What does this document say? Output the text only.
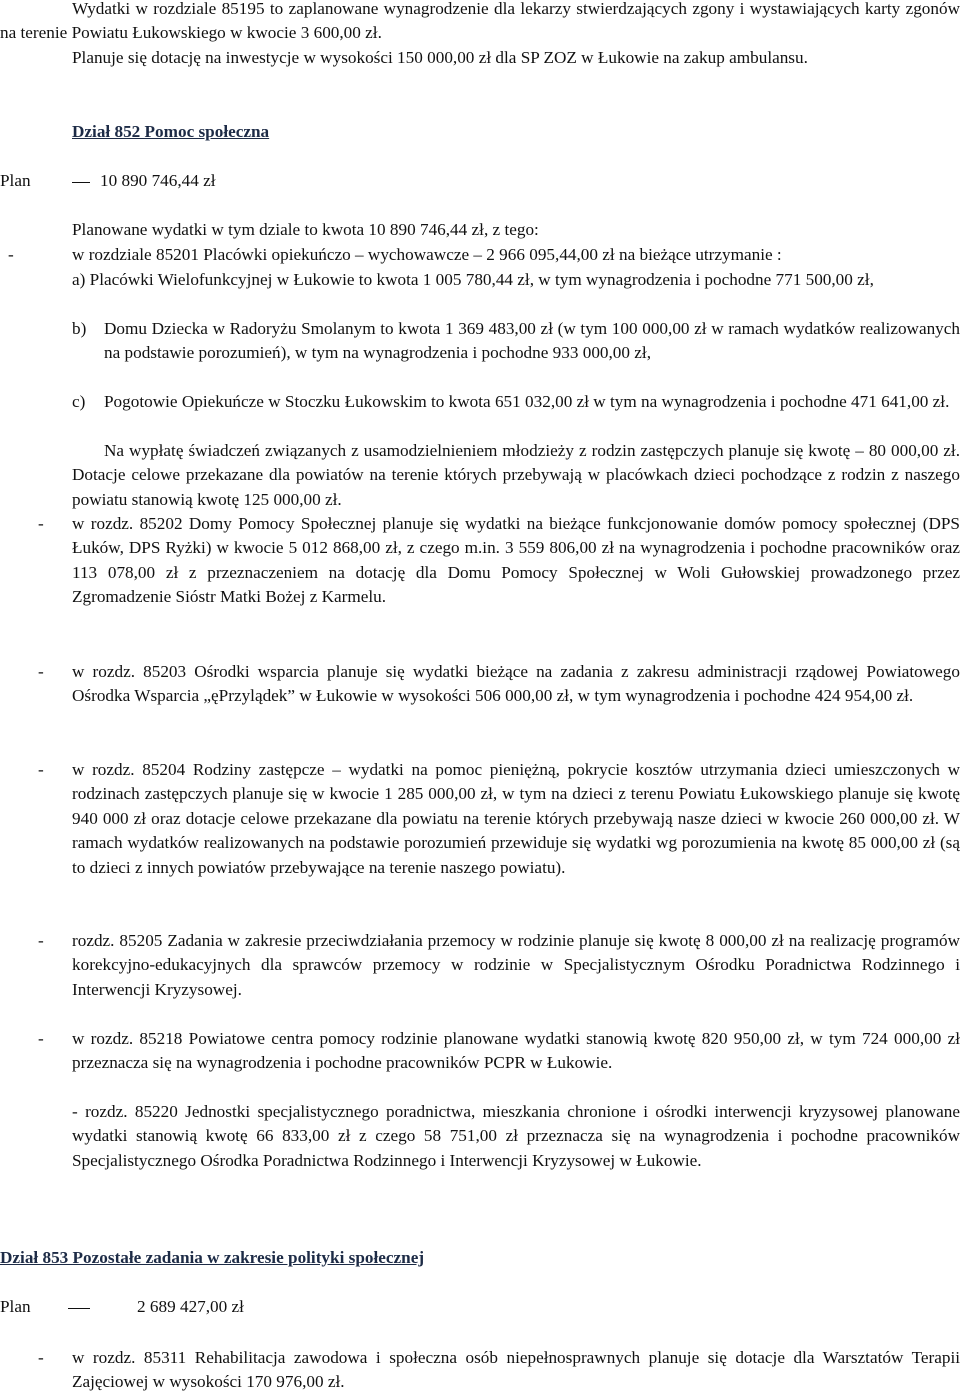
Wydatki w rozdziale 85195 to zaplanowane wynagrodzenie dla lekarzy stwierdzających zgony i wystawiających karty zgonów na terenie Powiatu Łukowskiego w kwocie 3 600,00 zł.
Planuje się dotację na inwestycje w wysokości 150 000,00 zł dla SP ZOZ w Łukowie na zakup ambulansu.
Dział 852 Pomoc społeczna
Plan	10 890 746,44 zł
Planowane wydatki w tym dziale to kwota 10 890 746,44 zł, z tego:
-	w rozdziale 85201 Placówki opiekuńczo – wychowawcze – 2 966 095,44,00 zł na bieżące utrzymanie :
a) Placówki Wielofunkcyjnej w Łukowie to kwota 1 005 780,44 zł, w tym wynagrodzenia i pochodne 771 500,00 zł,
b) Domu Dziecka w Radoryżu Smolanym to kwota 1 369 483,00 zł (w tym 100 000,00 zł w ramach wydatków realizowanych na podstawie porozumień), w tym na wynagrodzenia i pochodne 933 000,00 zł,
c) Pogotowie Opiekuńcze w Stoczku Łukowskim to kwota 651 032,00 zł w tym na wynagrodzenia i pochodne 471 641,00 zł.
Na wypłatę świadczeń związanych z usamodzielnieniem młodzieży z rodzin zastępczych planuje się kwotę – 80 000,00 zł. Dotacje celowe przekazane dla powiatów na terenie których przebywają w placówkach dzieci pochodzące z rodzin z naszego powiatu stanowią kwotę 125 000,00 zł.
- w rozdz. 85202 Domy Pomocy Społecznej planuje się wydatki na bieżące funkcjonowanie domów pomocy społecznej (DPS Łuków, DPS Ryżki) w kwocie 5 012 868,00 zł, z czego m.in. 3 559 806,00 zł na wynagrodzenia i pochodne pracowników oraz 113 078,00 zł z przeznaczeniem na dotację dla Domu Pomocy Społecznej w Woli Gułowskiej prowadzonego przez Zgromadzenie Sióstr Matki Bożej z Karmelu.
- w rozdz. 85203 Ośrodki wsparcia planuje się wydatki bieżące na zadania z zakresu administracji rządowej Powiatowego Ośrodka Wsparcia „ęPrzylądek” w Łukowie w wysokości 506 000,00 zł, w tym wynagrodzenia i pochodne 424 954,00 zł.
- w rozdz. 85204 Rodziny zastępcze – wydatki na pomoc pieniężną, pokrycie kosztów utrzymania dzieci umieszczonych w rodzinach zastępczych planuje się w kwocie 1 285 000,00 zł, w tym na dzieci z terenu Powiatu Łukowskiego planuje się kwotę 940 000 zł oraz dotacje celowe przekazane dla powiatu na terenie których przebywają nasze dzieci w kwocie 260 000,00 zł. W ramach wydatków realizowanych na podstawie porozumień przewiduje się wydatki wg porozumienia na kwotę 85 000,00 zł (są to dzieci z innych powiatów przebywające na terenie naszego powiatu).
- rozdz. 85205 Zadania w zakresie przeciwdziałania przemocy w rodzinie planuje się kwotę 8 000,00 zł na realizację programów korekcyjno-edukacyjnych dla sprawców przemocy w rodzinie w Specjalistycznym Ośrodku Poradnictwa Rodzinnego i Interwencji Kryzysowej.
- w rozdz. 85218 Powiatowe centra pomocy rodzinie planowane wydatki stanowią kwotę 820 950,00 zł, w tym 724 000,00 zł przeznacza się na wynagrodzenia i pochodne pracowników PCPR w Łukowie.
- rozdz. 85220 Jednostki specjalistycznego poradnictwa, mieszkania chronione i ośrodki interwencji kryzysowej planowane wydatki stanowią kwotę 66 833,00 zł z czego 58 751,00 zł przeznacza się na wynagrodzenia i pochodne pracowników Specjalistycznego Ośrodka Poradnictwa Rodzinnego i Interwencji Kryzysowej w Łukowie.
Dział 853 Pozostałe zadania w zakresie polityki społecznej
Plan	2 689 427,00 zł
- w rozdz. 85311 Rehabilitacja zawodowa i społeczna osób niepełnosprawnych planuje się dotacje dla Warsztatów Terapii Zajęciowej w wysokości 170 976,00 zł.
